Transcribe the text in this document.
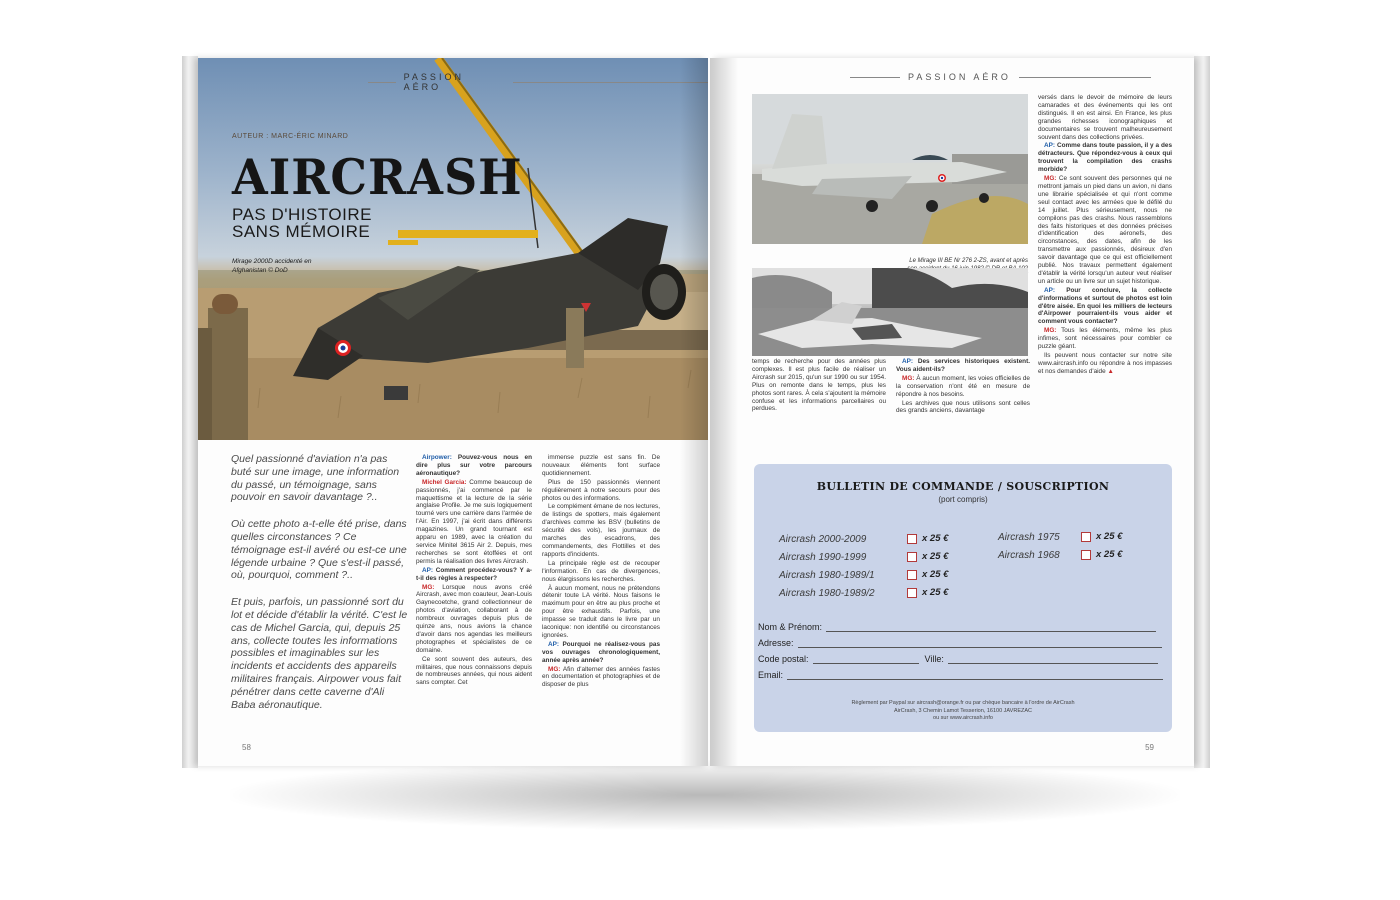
PASSION AÉRO
AUTEUR : MARC-ÉRIC MINARD
AIRCRASH
PAS D'HISTOIRE
SANS MÉMOIRE
Mirage 2000D accidenté en Afghanistan © DoD

Quel passionné d'aviation n'a pas buté sur une image, une information du passé, un témoignage, sans pouvoir en savoir davantage ?..

Où cette photo a-t-elle été prise, dans quelles circonstances ? Ce témoignage est-il avéré ou est-ce une légende urbaine ? Que s'est-il passé, où, pourquoi, comment ?..

Et puis, parfois, un passionné sort du lot et décide d'établir la vérité. C'est le cas de Michel Garcia, qui, depuis 25 ans, collecte toutes les informations possibles et imaginables sur les incidents et accidents des appareils militaires français. Airpower vous fait pénétrer dans cette caverne d'Ali Baba aéronautique.

Airpower: Pouvez-vous nous en dire plus sur votre parcours aéronautique?

Michel Garcia: Comme beaucoup de passionnés, j'ai commencé par le maquettisme et la lecture de la série anglaise Profile. Je me suis logiquement tourné vers une carrière dans l'armée de l'Air. En 1997, j'ai écrit dans différents magazines. Un grand tournant est apparu en 1989, avec la création du service Minitel 3615 Air 2. Depuis, mes recherches se sont étoffées et ont permis la réalisation des livres Aircrash.

AP: Comment procédez-vous? Y a-t-il des règles à respecter?

MG: Lorsque nous avons créé Aircrash, avec mon coauteur, Jean-Louis Gaynecoetche, grand collectionneur de photos d'aviation, collaborant à de nombreux ouvrages depuis plus de quinze ans, nous avions la chance d'avoir dans nos agendas les meilleurs photographes et spécialistes de ce domaine.

Ce sont souvent des auteurs, des militaires, que nous connaissons depuis de nombreuses années, qui nous aident sans compter. Cet

immense puzzle est sans fin. De nouveaux éléments font surface quotidiennement.

Plus de 150 passionnés viennent régulièrement à notre secours pour des photos ou des informations.

Le complément émane de nos lectures, de listings de spotters, mais également d'archives comme les BSV (bulletins de sécurité des vols), les journaux de marches des escadrons, des commandements, des Flottilles et des rapports d'incidents.

La principale règle est de recouper l'information. En cas de divergences, nous élargissons les recherches.

À aucun moment, nous ne prétendons détenir toute LA vérité. Nous faisons le maximum pour en être au plus proche et pour être exhaustifs. Parfois, une impasse se traduit dans le livre par un laconique: non identifié ou circonstances ignorées.

AP: Pourquoi ne réalisez-vous pas vos ouvrages chronologiquement, année après année?

MG: Afin d'alterner des années fastes en documentation et photographies et de disposer de plus

58
PASSION AÉRO
Le Mirage III BE Nr 276 2-ZS, avant et après

temps de recherche pour des années plus complexes. Il est plus facile de réaliser un Aircrash sur 2015, qu'un sur 1990 ou sur 1954. Plus on remonte dans le temps, plus les photos sont rares. À cela s'ajoutent la mémoire confuse et les informations parcellaires ou perdues.

AP: Des services historiques existent. Vous aident-ils?

MG: À aucun moment, les voies officielles de la conservation n'ont été en mesure de répondre à nos besoins.

Les archives que nous utilisons sont celles des grands anciens, davantage

versés dans le devoir de mémoire de leurs camarades et des événements qui les ont distingués. Il en est ainsi. En France, les plus grandes richesses iconographiques et documentaires se trouvent malheureusement souvent dans des collections privées.

AP: Comme dans toute passion, il y a des détracteurs. Que répondez-vous à ceux qui trouvent la compilation des crashs morbide?

MG: Ce sont souvent des personnes qui ne mettront jamais un pied dans un avion, ni dans une librairie spécialisée et qui n'ont comme seul contact avec les armées que le défilé du 14 juillet. Plus sérieusement, nous ne compilons pas des crashs. Nous rassemblons des faits historiques et des données précises d'identification des aéronefs, des circonstances, des dates, afin de les transmettre aux passionnés, désireux d'en savoir davantage que ce qui est officiellement publié. Nos travaux permettent également d'établir la vérité lorsqu'un auteur veut réaliser un article ou un livre sur un sujet historique.

AP: Pour conclure, la collecte d'informations et surtout de photos est loin d'être aisée. En quoi les milliers de lecteurs d'Airpower pourraient-ils vous aider et comment vous contacter?

MG: Tous les éléments, même les plus infimes, sont nécessaires pour combler ce puzzle géant.

Ils peuvent nous contacter sur notre site www.aircrash.info ou répondre à nos impasses et nos demandes d'aide ▲

BULLETIN DE COMMANDE / SOUSCRIPTION
(port compris)
Aircrash 2000-2009	x 25 €
Aircrash 1990-1999	x 25 €
Aircrash 1980-1989/1	x 25 €
Aircrash 1980-1989/2	x 25 €
Aircrash 1975	x 25 €
Aircrash 1968	x 25 €
Nom & Prénom:
Adresse:
Code postal:	Ville:
Email:
Règlement par Paypal sur aircrash@orange.fr ou par chèque bancaire à l'ordre de AirCrash
AirCrash, 3 Chemin Lamot Tesserion, 16100 JAVREZAC
ou sur www.aircrash.info
59
